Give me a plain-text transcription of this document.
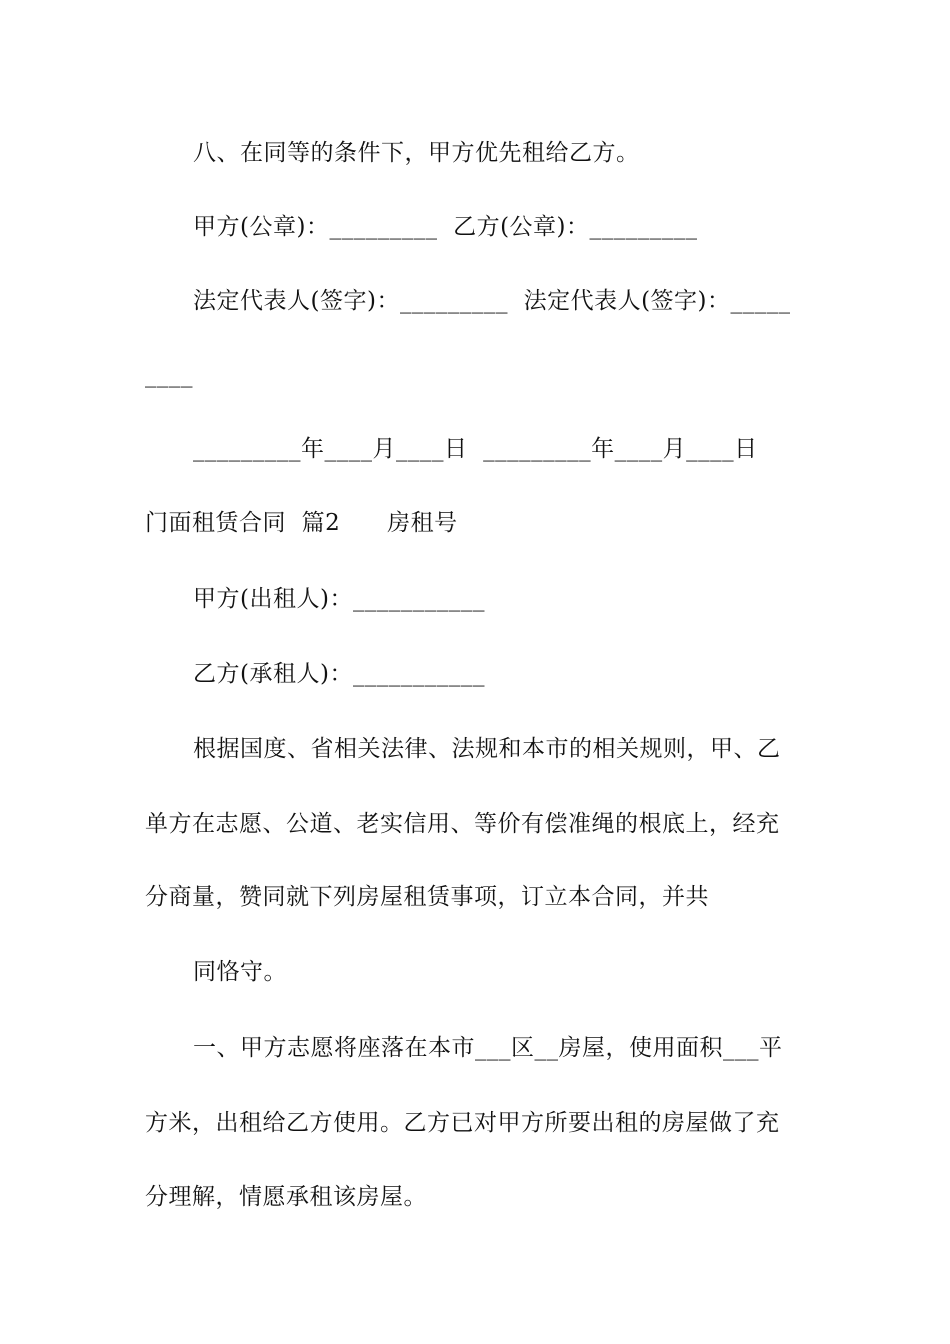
八、在同等的条件下，甲方优先租给乙方。
甲方(公章)：_________  乙方(公章)：_________
法定代表人(签字)：_________  法定代表人(签字)：_____
____
_________年____月____日  _________年____月____日
门面租赁合同  篇2      房租号
甲方(出租人)：___________
乙方(承租人)：___________
根据国度、省相关法律、法规和本市的相关规则，甲、乙
单方在志愿、公道、老实信用、等价有偿准绳的根底上，经充
分商量，赞同就下列房屋租赁事项，订立本合同，并共
同恪守。
一、甲方志愿将座落在本市___区__房屋，使用面积___平
方米，出租给乙方使用。乙方已对甲方所要出租的房屋做了充
分理解，情愿承租该房屋。
